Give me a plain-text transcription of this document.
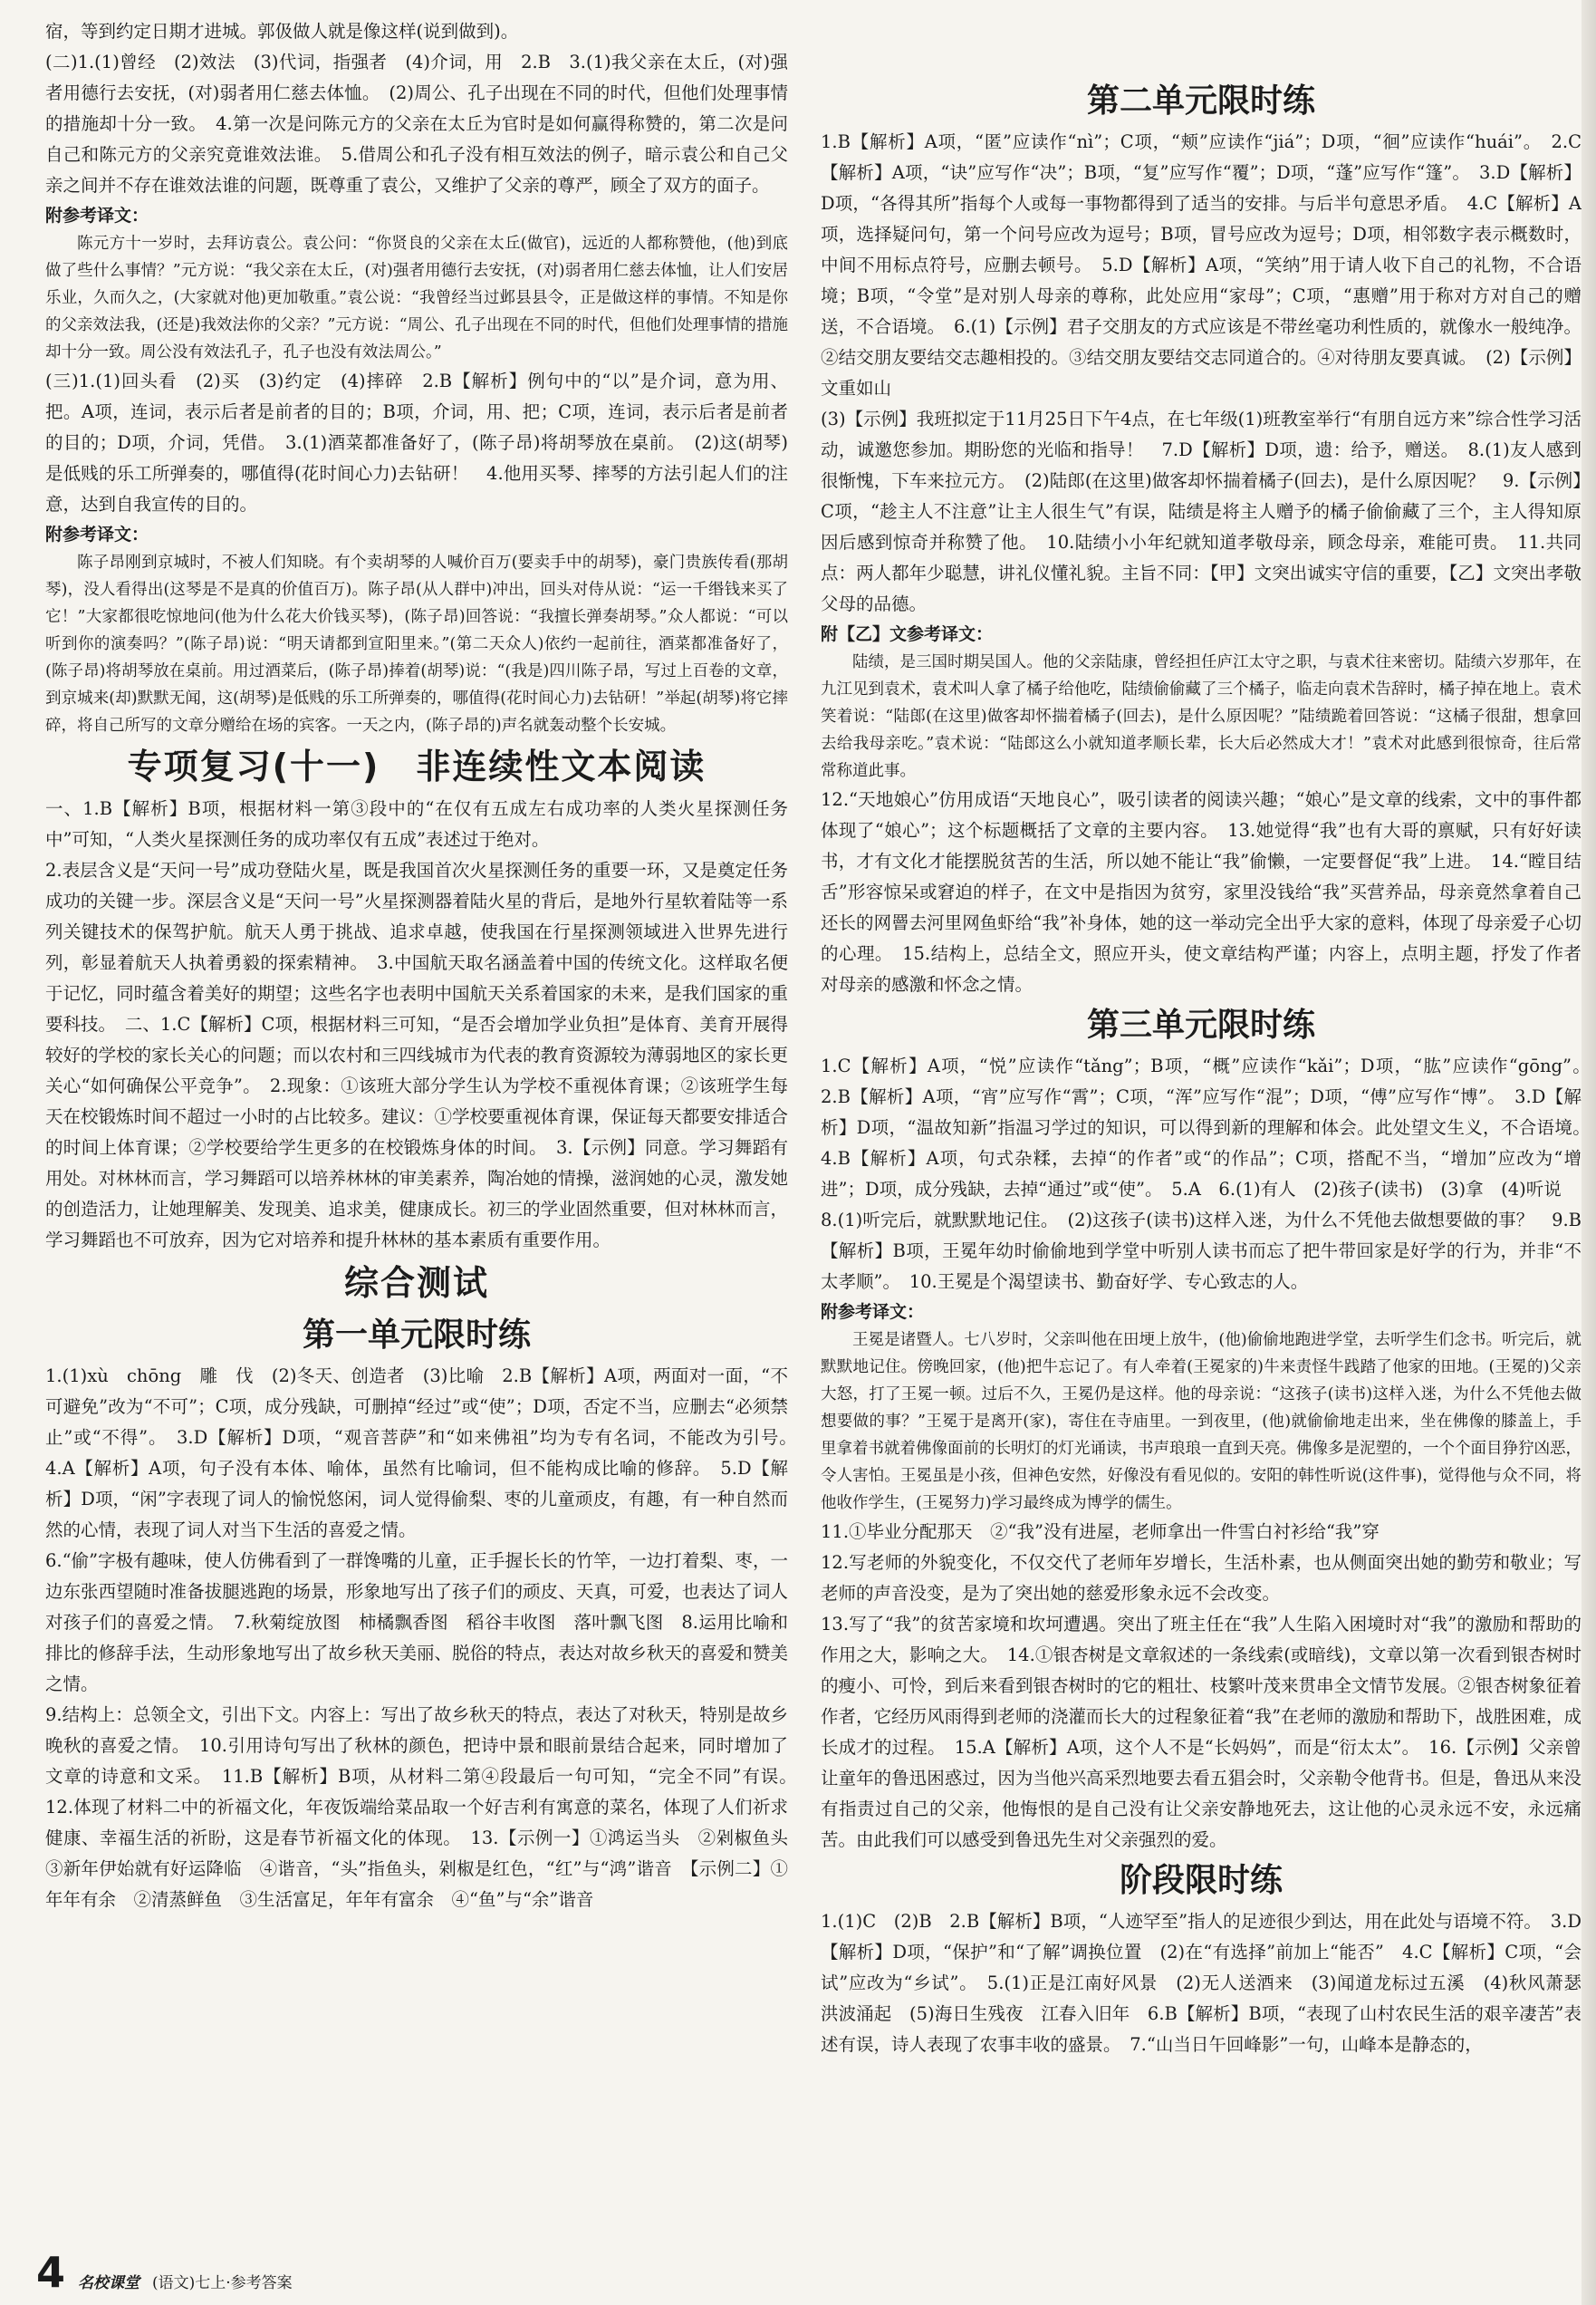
宿，等到约定日期才进城。郭伋做人就是像这样(说到做到)。

(二)1.(1)曾经　(2)效法　(3)代词，指强者　(4)介词，用　2.B　3.(1)我父亲在太丘，(对)强者用德行去安抚，(对)弱者用仁慈去体恤。　(2)周公、孔子出现在不同的时代，但他们处理事情的措施却十分一致。　4.第一次是问陈元方的父亲在太丘为官时是如何赢得称赞的，第二次是问自己和陈元方的父亲究竟谁效法谁。　5.借周公和孔子没有相互效法的例子，暗示袁公和自己父亲之间并不存在谁效法谁的问题，既尊重了袁公，又维护了父亲的尊严，顾全了双方的面子。

附参考译文：

陈元方十一岁时，去拜访袁公。袁公问：“你贤良的父亲在太丘(做官)，远近的人都称赞他，(他)到底做了些什么事情？”元方说：“我父亲在太丘，(对)强者用德行去安抚，(对)弱者用仁慈去体恤，让人们安居乐业，久而久之，(大家就对他)更加敬重。”袁公说：“我曾经当过邺县县令，正是做这样的事情。不知是你的父亲效法我，(还是)我效法你的父亲？”元方说：“周公、孔子出现在不同的时代，但他们处理事情的措施却十分一致。周公没有效法孔子，孔子也没有效法周公。”

(三)1.(1)回头看　(2)买　(3)约定　(4)摔碎　2.B【解析】例句中的“以”是介词，意为用、把。A项，连词，表示后者是前者的目的；B项，介词，用、把；C项，连词，表示后者是前者的目的；D项，介词，凭借。　3.(1)酒菜都准备好了，(陈子昂)将胡琴放在桌前。　(2)这(胡琴)是低贱的乐工所弹奏的，哪值得(花时间心力)去钻研！　4.他用买琴、摔琴的方法引起人们的注意，达到自我宣传的目的。

附参考译文：

陈子昂刚到京城时，不被人们知晓。有个卖胡琴的人喊价百万(要卖手中的胡琴)，豪门贵族传看(那胡琴)，没人看得出(这琴是不是真的价值百万)。陈子昂(从人群中)冲出，回头对侍从说：“运一千缗钱来买了它！”大家都很吃惊地问(他为什么花大价钱买琴)，(陈子昂)回答说：“我擅长弹奏胡琴。”众人都说：“可以听到你的演奏吗？”(陈子昂)说：“明天请都到宣阳里来。”(第二天众人)依约一起前往，酒菜都准备好了，(陈子昂)将胡琴放在桌前。用过酒菜后，(陈子昂)捧着(胡琴)说：“(我是)四川陈子昂，写过上百卷的文章，到京城来(却)默默无闻，这(胡琴)是低贱的乐工所弹奏的，哪值得(花时间心力)去钻研！”举起(胡琴)将它摔碎，将自己所写的文章分赠给在场的宾客。一天之内，(陈子昂的)声名就轰动整个长安城。

专项复习(十一)　非连续性文本阅读

一、1.B【解析】B项，根据材料一第③段中的“在仅有五成左右成功率的人类火星探测任务中”可知，“人类火星探测任务的成功率仅有五成”表述过于绝对。

2.表层含义是“天问一号”成功登陆火星，既是我国首次火星探测任务的重要一环，又是奠定任务成功的关键一步。深层含义是“天问一号”火星探测器着陆火星的背后，是地外行星软着陆等一系列关键技术的保驾护航。航天人勇于挑战、追求卓越，使我国在行星探测领域进入世界先进行列，彰显着航天人执着勇毅的探索精神。　3.中国航天取名涵盖着中国的传统文化。这样取名便于记忆，同时蕴含着美好的期望；这些名字也表明中国航天关系着国家的未来，是我们国家的重要科技。　二、1.C【解析】C项，根据材料三可知，“是否会增加学业负担”是体育、美育开展得较好的学校的家长关心的问题；而以农村和三四线城市为代表的教育资源较为薄弱地区的家长更关心“如何确保公平竞争”。　2.现象：①该班大部分学生认为学校不重视体育课；②该班学生每天在校锻炼时间不超过一小时的占比较多。建议：①学校要重视体育课，保证每天都要安排适合的时间上体育课；②学校要给学生更多的在校锻炼身体的时间。　3.【示例】同意。学习舞蹈有用处。对林林而言，学习舞蹈可以培养林林的审美素养，陶冶她的情操，滋润她的心灵，激发她的创造活力，让她理解美、发现美、追求美，健康成长。初三的学业固然重要，但对林林而言，学习舞蹈也不可放弃，因为它对培养和提升林林的基本素质有重要作用。

综合测试
第一单元限时练

1.(1)xù　chōng　雕　伐　(2)冬天、创造者　(3)比喻　2.B【解析】A项，两面对一面，“不可避免”改为“不可”；C项，成分残缺，可删掉“经过”或“使”；D项，否定不当，应删去“必须禁止”或“不得”。　3.D【解析】D项，“观音菩萨”和“如来佛祖”均为专有名词，不能改为引号。　4.A【解析】A项，句子没有本体、喻体，虽然有比喻词，但不能构成比喻的修辞。　5.D【解析】D项，“闲”字表现了词人的愉悦悠闲，词人觉得偷梨、枣的儿童顽皮，有趣，有一种自然而然的心情，表现了词人对当下生活的喜爱之情。

6.“偷”字极有趣味，使人仿佛看到了一群馋嘴的儿童，正手握长长的竹竿，一边打着梨、枣，一边东张西望随时准备拔腿逃跑的场景，形象地写出了孩子们的顽皮、天真，可爱，也表达了词人对孩子们的喜爱之情。　7.秋菊绽放图　柿橘飘香图　稻谷丰收图　落叶飘飞图　8.运用比喻和排比的修辞手法，生动形象地写出了故乡秋天美丽、脱俗的特点，表达对故乡秋天的喜爱和赞美之情。

9.结构上：总领全文，引出下文。内容上：写出了故乡秋天的特点，表达了对秋天，特别是故乡晚秋的喜爱之情。　10.引用诗句写出了秋林的颜色，把诗中景和眼前景结合起来，同时增加了文章的诗意和文采。　11.B【解析】B项，从材料二第④段最后一句可知，“完全不同”有误。　12.体现了材料二中的祈福文化，年夜饭端给菜品取一个好吉利有寓意的菜名，体现了人们祈求健康、幸福生活的祈盼，这是春节祈福文化的体现。　13.【示例一】①鸿运当头　②剁椒鱼头　③新年伊始就有好运降临　④谐音，“头”指鱼头，剁椒是红色，“红”与“鸿”谐音　【示例二】①年年有余　②清蒸鲜鱼　③生活富足，年年有富余　④“鱼”与“余”谐音

第二单元限时练

1.B【解析】A项，“匿”应读作“nì”；C项，“颊”应读作“jiá”；D项，“徊”应读作“huái”。　2.C【解析】A项，“诀”应写作“决”；B项，“复”应写作“覆”；D项，“蓬”应写作“篷”。　3.D【解析】D项，“各得其所”指每个人或每一事物都得到了适当的安排。与后半句意思矛盾。　4.C【解析】A项，选择疑问句，第一个问号应改为逗号；B项，冒号应改为逗号；D项，相邻数字表示概数时，中间不用标点符号，应删去顿号。　5.D【解析】A项，“笑纳”用于请人收下自己的礼物，不合语境；B项，“令堂”是对别人母亲的尊称，此处应用“家母”；C项，“惠赠”用于称对方对自己的赠送，不合语境。　6.(1)【示例】君子交朋友的方式应该是不带丝毫功利性质的，就像水一般纯净。②结交朋友要结交志趣相投的。③结交朋友要结交志同道合的。④对待朋友要真诚。　(2)【示例】文重如山

(3)【示例】我班拟定于11月25日下午4点，在七年级(1)班教室举行“有朋自远方来”综合性学习活动，诚邀您参加。期盼您的光临和指导！　7.D【解析】D项，遗：给予，赠送。　8.(1)友人感到很惭愧，下车来拉元方。　(2)陆郎(在这里)做客却怀揣着橘子(回去)，是什么原因呢？　9.【示例】C项，“趁主人不注意”让主人很生气”有误，陆绩是将主人赠予的橘子偷偷藏了三个，主人得知原因后感到惊奇并称赞了他。　10.陆绩小小年纪就知道孝敬母亲，顾念母亲，难能可贵。　11.共同点：两人都年少聪慧，讲礼仪懂礼貌。主旨不同：【甲】文突出诚实守信的重要，【乙】文突出孝敬父母的品德。

附【乙】文参考译文：

陆绩，是三国时期吴国人。他的父亲陆康，曾经担任庐江太守之职，与袁术往来密切。陆绩六岁那年，在九江见到袁术，袁术叫人拿了橘子给他吃，陆绩偷偷藏了三个橘子，临走向袁术告辞时，橘子掉在地上。袁术笑着说：“陆郎(在这里)做客却怀揣着橘子(回去)，是什么原因呢？”陆绩跪着回答说：“这橘子很甜，想拿回去给我母亲吃。”袁术说：“陆郎这么小就知道孝顺长辈，长大后必然成大才！”袁术对此感到很惊奇，往后常常称道此事。

12.“天地娘心”仿用成语“天地良心”，吸引读者的阅读兴趣；“娘心”是文章的线索，文中的事件都体现了“娘心”；这个标题概括了文章的主要内容。　13.她觉得“我”也有大哥的禀赋，只有好好读书，才有文化才能摆脱贫苦的生活，所以她不能让“我”偷懒，一定要督促“我”上进。　14.“瞠目结舌”形容惊呆或窘迫的样子，在文中是指因为贫穷，家里没钱给“我”买营养品，母亲竟然拿着自己还长的网罾去河里网鱼虾给“我”补身体，她的这一举动完全出乎大家的意料，体现了母亲爱子心切的心理。　15.结构上，总结全文，照应开头，使文章结构严谨；内容上，点明主题，抒发了作者对母亲的感激和怀念之情。

第三单元限时练

1.C【解析】A项，“悦”应读作“tǎng”；B项，“概”应读作“kǎi”；D项，“肱”应读作“gōng”。　2.B【解析】A项，“宵”应写作“霄”；C项，“浑”应写作“混”；D项，“傅”应写作“博”。　3.D【解析】D项，“温故知新”指温习学过的知识，可以得到新的理解和体会。此处望文生义，不合语境。　4.B【解析】A项，句式杂糅，去掉“的作者”或“的作品”；C项，搭配不当，“增加”应改为“增进”；D项，成分残缺，去掉“通过”或“使”。　5.A　6.(1)有人　(2)孩子(读书)　(3)拿　(4)听说

8.(1)听完后，就默默地记住。　(2)这孩子(读书)这样入迷，为什么不凭他去做想要做的事？　9.B【解析】B项，王冕年幼时偷偷地到学堂中听别人读书而忘了把牛带回家是好学的行为，并非“不太孝顺”。　10.王冕是个渴望读书、勤奋好学、专心致志的人。

附参考译文：

王冕是诸暨人。七八岁时，父亲叫他在田埂上放牛，(他)偷偷地跑进学堂，去听学生们念书。听完后，就默默地记住。傍晚回家，(他)把牛忘记了。有人牵着(王冕家的)牛来责怪牛践踏了他家的田地。(王冕的)父亲大怒，打了王冕一顿。过后不久，王冕仍是这样。他的母亲说：“这孩子(读书)这样入迷，为什么不凭他去做想要做的事？”王冕于是离开(家)，寄住在寺庙里。一到夜里，(他)就偷偷地走出来，坐在佛像的膝盖上，手里拿着书就着佛像面前的长明灯的灯光诵读，书声琅琅一直到天亮。佛像多是泥塑的，一个个面目狰狞凶恶，令人害怕。王冕虽是小孩，但神色安然，好像没有看见似的。安阳的韩性听说(这件事)，觉得他与众不同，将他收作学生，(王冕努力)学习最终成为博学的儒生。

11.①毕业分配那天　②“我”没有进屋，老师拿出一件雪白衬衫给“我”穿

12.写老师的外貌变化，不仅交代了老师年岁增长，生活朴素，也从侧面突出她的勤劳和敬业；写老师的声音没变，是为了突出她的慈爱形象永远不会改变。

13.写了“我”的贫苦家境和坎坷遭遇。突出了班主任在“我”人生陷入困境时对“我”的激励和帮助的作用之大，影响之大。　14.①银杏树是文章叙述的一条线索(或暗线)，文章以第一次看到银杏树时的瘦小、可怜，到后来看到银杏树时的它的粗壮、枝繁叶茂来贯串全文情节发展。②银杏树象征着作者，它经历风雨得到老师的浇灌而长大的过程象征着“我”在老师的激励和帮助下，战胜困难，成长成才的过程。　15.A【解析】A项，这个人不是“长妈妈”，而是“衍太太”。　16.【示例】父亲曾让童年的鲁迅困惑过，因为当他兴高采烈地要去看五猖会时，父亲勒令他背书。但是，鲁迅从来没有指责过自己的父亲，他悔恨的是自己没有让父亲安静地死去，这让他的心灵永远不安，永远痛苦。由此我们可以感受到鲁迅先生对父亲强烈的爱。

阶段限时练

1.(1)C　(2)B　2.B【解析】B项，“人迹罕至”指人的足迹很少到达，用在此处与语境不符。　3.D【解析】D项，“保护”和“了解”调换位置　(2)在“有选择”前加上“能否”　4.C【解析】C项，“会试”应改为“乡试”。　5.(1)正是江南好风景　(2)无人送酒来　(3)闻道龙标过五溪　(4)秋风萧瑟　洪波涌起　(5)海日生残夜　江春入旧年　6.B【解析】B项，“表现了山村农民生活的艰辛凄苦”表述有误，诗人表现了农事丰收的盛景。　7.“山当日午回峰影”一句，山峰本是静态的，

4 名校课堂 (语文)七上·参考答案
